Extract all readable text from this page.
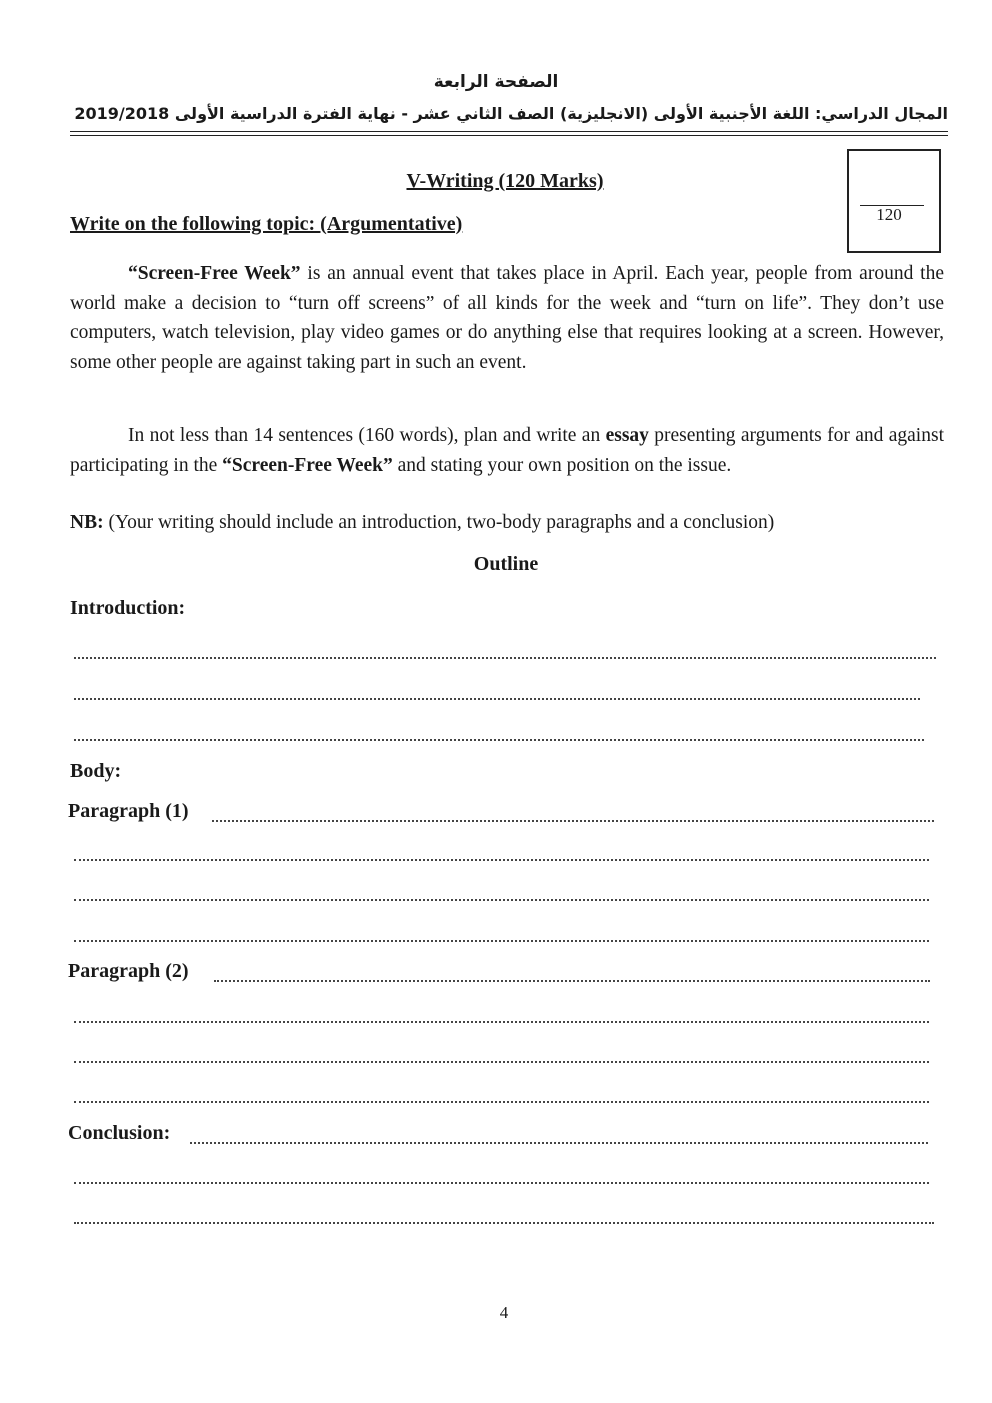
الصفحة الرابعة
المجال الدراسي: اللغة الأجنبية الأولى (الانجليزية) الصف الثاني عشر - نهاية الفترة الدراسية الأولى 2019/2018
V-Writing (120 Marks)
120
Write on the following topic: (Argumentative)
“Screen-Free Week” is an annual event that takes place in April. Each year, people from around the world make a decision to “turn off screens” of all kinds for the week and “turn on life”. They don’t use computers, watch television, play video games or do anything else that requires looking at a screen. However, some other people are against taking part in such an event.
In not less than 14 sentences (160 words), plan and write an essay presenting arguments for and against participating in the “Screen-Free Week” and stating your own position on the issue.
NB: (Your writing should include an introduction, two-body paragraphs and a conclusion)
Outline
Introduction:
Body:
Paragraph (1)
Paragraph (2)
Conclusion:
4
